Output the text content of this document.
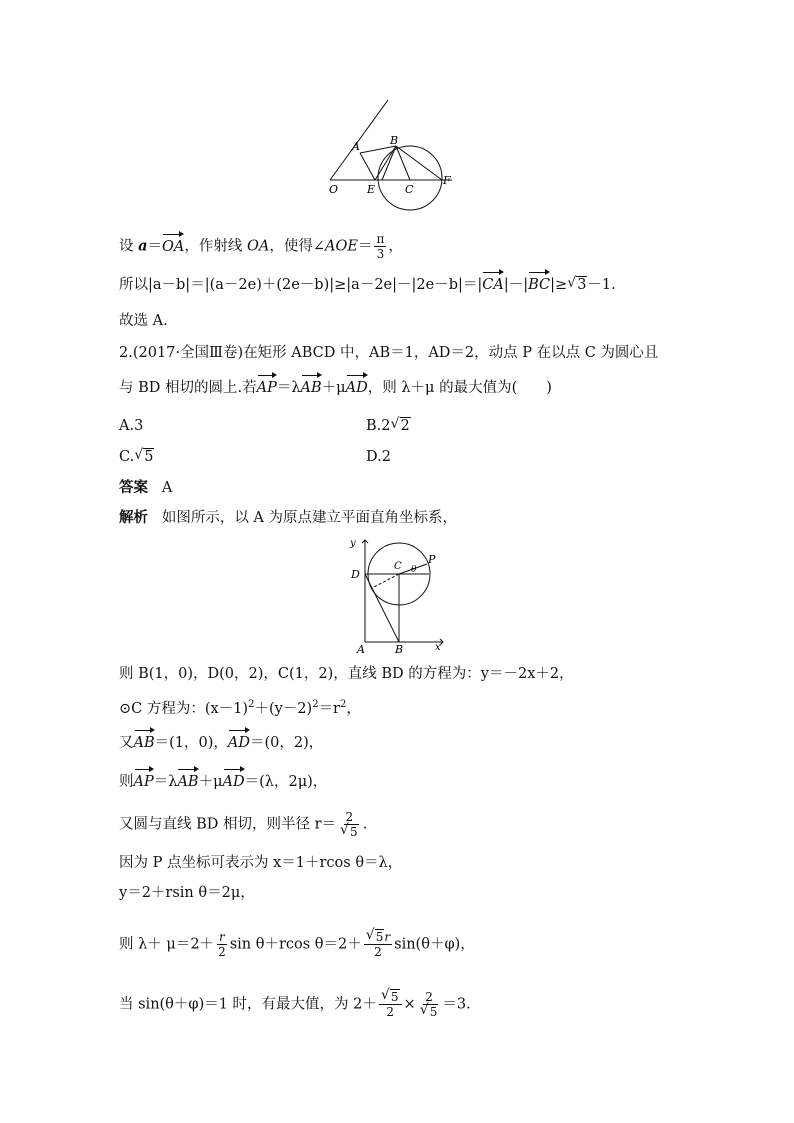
A	B
O	E	C
F
设 a＝OA，作射线 OA，使得∠AOE＝ $\frac{\pi}{3}$ ，
所以|a－b|＝|(a－2e)＋(2e－b)|≥|a－2e|－|2e－b|＝|CA|－|BC|≥ √ 3－1.
故选 A.
2.(2017·全国Ⅲ卷)在矩形 ABCD 中，AB＝1，AD＝2，动点 P 在以点 C 为圆心且
与 BD 相切的圆上.若AP＝λAB＋μAD，则 λ＋μ 的最大值为(　　)
A.3	B.2 √ 2
C. √ 5	D.2
答案 A
解析 如图所示，以 A 为原点建立平面直角坐标系，
y
x
D
C θ
P
A	B
则 B(1，0)，D(0，2)，C(1，2)，直线 BD 的方程为：y＝－2x＋2，
⊙C 方程为：$(x-1)^2+(y-2)^2=r^2$，
又AB＝(1，0)，AD＝(0，2)，
则AP＝λAB＋μAD＝(λ，2μ)，
又圆与直线 BD 相切，则半径 r＝ 2
√ 5 .
因为 P 点坐标可表示为 x＝1＋rcos θ＝λ，
y＝2＋rsin θ＝2μ，
则 $\lambda+ \mu=2+ \frac{r}{2}$ sin θ＋rcos θ＝2＋ √ $\frac{5r}{2} \sin(\theta+\varphi)$，
当 sin(θ＋φ)＝1 时，有最大值，为 2＋ √ $\frac{5}{2} \times 2$
√ 5 ＝3.
